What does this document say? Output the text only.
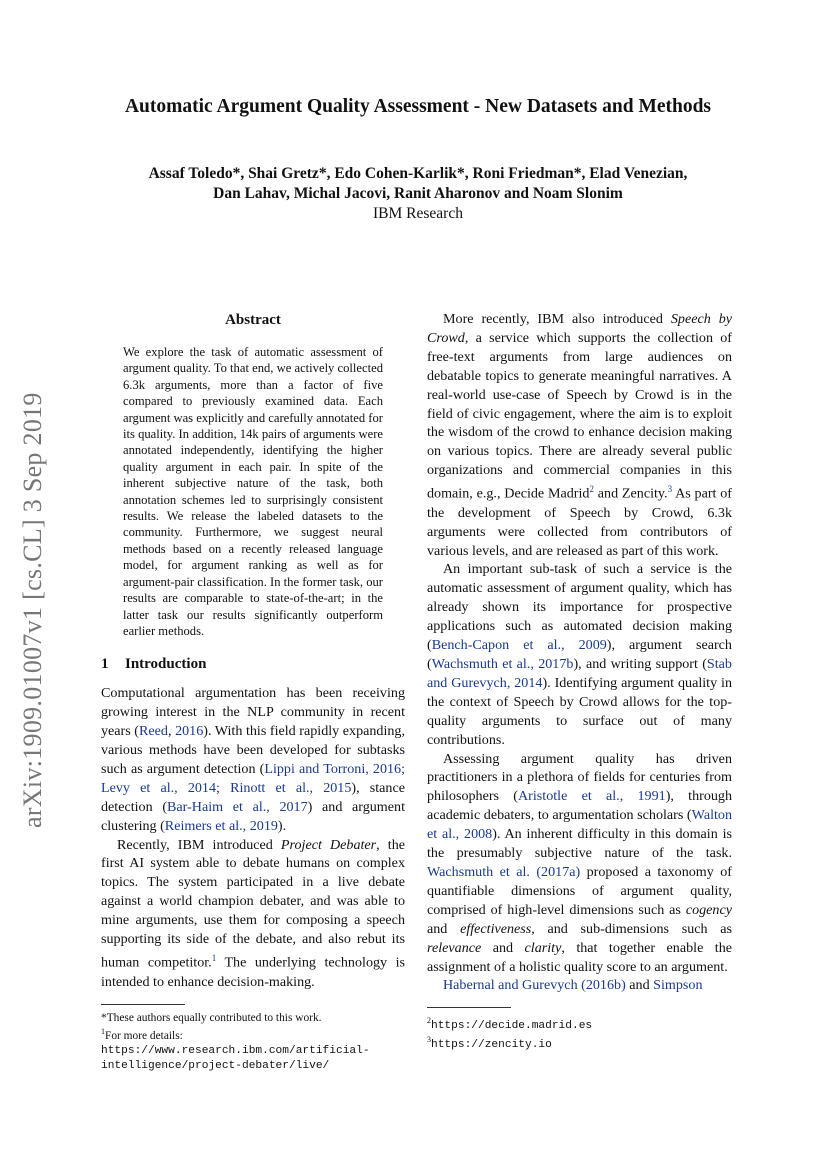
arXiv:1909.01007v1 [cs.CL] 3 Sep 2019
Automatic Argument Quality Assessment - New Datasets and Methods
Assaf Toledo*, Shai Gretz*, Edo Cohen-Karlik*, Roni Friedman*, Elad Venezian,
Dan Lahav, Michal Jacovi, Ranit Aharonov and Noam Slonim
IBM Research
Abstract

We explore the task of automatic assessment of argument quality. To that end, we actively collected 6.3k arguments, more than a factor of five compared to previously examined data. Each argument was explicitly and carefully annotated for its quality. In addition, 14k pairs of arguments were annotated independently, identifying the higher quality argument in each pair. In spite of the inherent subjective nature of the task, both annotation schemes led to surprisingly consistent results. We release the labeled datasets to the community. Furthermore, we suggest neural methods based on a recently released language model, for argument ranking as well as for argument-pair classification. In the former task, our results are comparable to state-of-the-art; in the latter task our results significantly outperform earlier methods.

1 Introduction

Computational argumentation has been receiving growing interest in the NLP community in recent years (Reed, 2016). With this field rapidly expanding, various methods have been developed for subtasks such as argument detection (Lippi and Torroni, 2016; Levy et al., 2014; Rinott et al., 2015), stance detection (Bar-Haim et al., 2017) and argument clustering (Reimers et al., 2019).

Recently, IBM introduced Project Debater, the first AI system able to debate humans on complex topics. The system participated in a live debate against a world champion debater, and was able to mine arguments, use them for composing a speech supporting its side of the debate, and also rebut its human competitor.$^1$ The underlying technology is intended to enhance decision-making.

*These authors equally contributed to this work.
$^1$For more details: https://www.research.ibm.com/artificial-intelligence/project-debater/live/

More recently, IBM also introduced Speech by Crowd, a service which supports the collection of free-text arguments from large audiences on debatable topics to generate meaningful narratives. A real-world use-case of Speech by Crowd is in the field of civic engagement, where the aim is to exploit the wisdom of the crowd to enhance decision making on various topics. There are already several public organizations and commercial companies in this domain, e.g., Decide Madrid$^2$ and Zencity.$^3$ As part of the development of Speech by Crowd, 6.3k arguments were collected from contributors of various levels, and are released as part of this work.

An important sub-task of such a service is the automatic assessment of argument quality, which has already shown its importance for prospective applications such as automated decision making (Bench-Capon et al., 2009), argument search (Wachsmuth et al., 2017b), and writing support (Stab and Gurevych, 2014). Identifying argument quality in the context of Speech by Crowd allows for the top-quality arguments to surface out of many contributions.

Assessing argument quality has driven practitioners in a plethora of fields for centuries from philosophers (Aristotle et al., 1991), through academic debaters, to argumentation scholars (Walton et al., 2008). An inherent difficulty in this domain is the presumably subjective nature of the task. Wachsmuth et al. (2017a) proposed a taxonomy of quantifiable dimensions of argument quality, comprised of high-level dimensions such as cogency and effectiveness, and sub-dimensions such as relevance and clarity, that together enable the assignment of a holistic quality score to an argument.

Habernal and Gurevych (2016b) and Simpson

$^2$https://decide.madrid.es
$^3$https://zencity.io
